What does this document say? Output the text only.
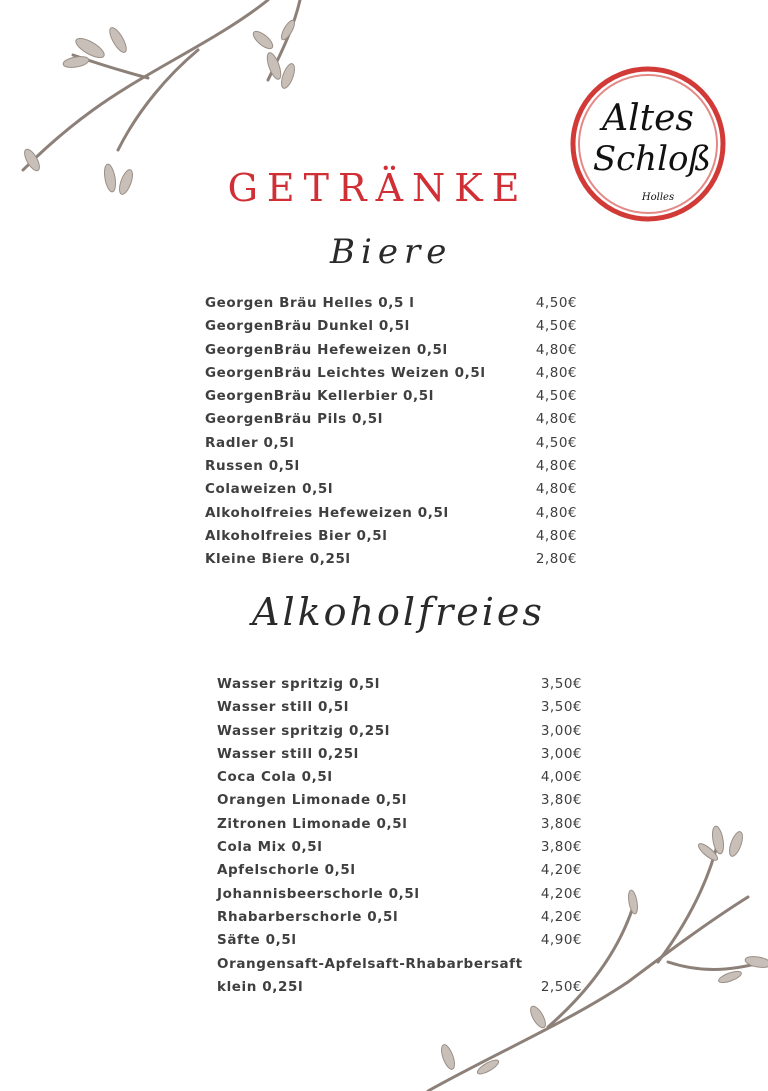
Altes
Schloß
Holles
GETRÄNKE
Biere
Georgen Bräu Helles 0,5 l	4,50€
GeorgenBräu Dunkel 0,5l	4,50€
GeorgenBräu Hefeweizen 0,5l	4,80€
GeorgenBräu Leichtes Weizen 0,5l	4,80€
GeorgenBräu Kellerbier 0,5l	4,50€
GeorgenBräu Pils 0,5l	4,80€
Radler 0,5l	4,50€
Russen 0,5l	4,80€
Colaweizen 0,5l	4,80€
Alkoholfreies Hefeweizen 0,5l	4,80€
Alkoholfreies Bier 0,5l	4,80€
Kleine Biere 0,25l	2,80€
Alkoholfreies
Wasser spritzig 0,5l	3,50€
Wasser still 0,5l	3,50€
Wasser spritzig 0,25l	3,00€
Wasser still 0,25l	3,00€
Coca Cola 0,5l	4,00€
Orangen Limonade 0,5l	3,80€
Zitronen Limonade 0,5l	3,80€
Cola Mix 0,5l	3,80€
Apfelschorle 0,5l	4,20€
Johannisbeerschorle 0,5l	4,20€
Rhabarberschorle 0,5l	4,20€
Säfte 0,5l	4,90€
Orangensaft-Apfelsaft-Rhabarbersaft
klein 0,25l	2,50€
